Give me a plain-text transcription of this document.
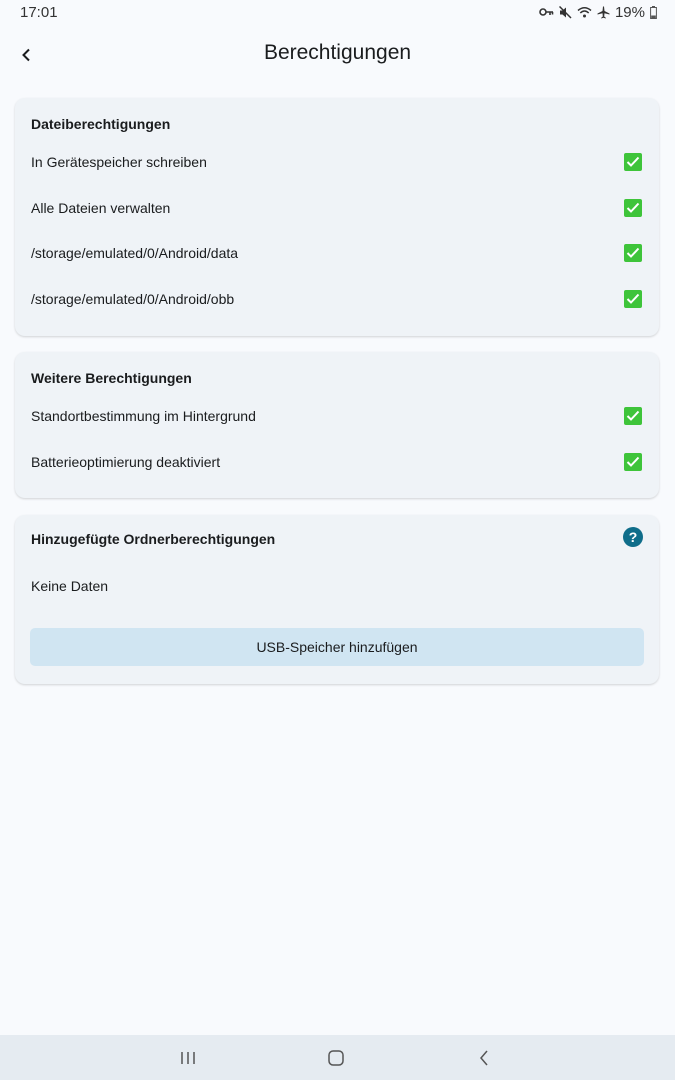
17:01	19%
Berechtigungen
Dateiberechtigungen
In Gerätespeicher schreiben
Alle Dateien verwalten
/storage/emulated/0/Android/data
/storage/emulated/0/Android/obb
Weitere Berechtigungen
Standortbestimmung im Hintergrund
Batterieoptimierung deaktiviert
Hinzugefügte Ordnerberechtigungen	?
Keine Daten
USB-Speicher hinzufügen
